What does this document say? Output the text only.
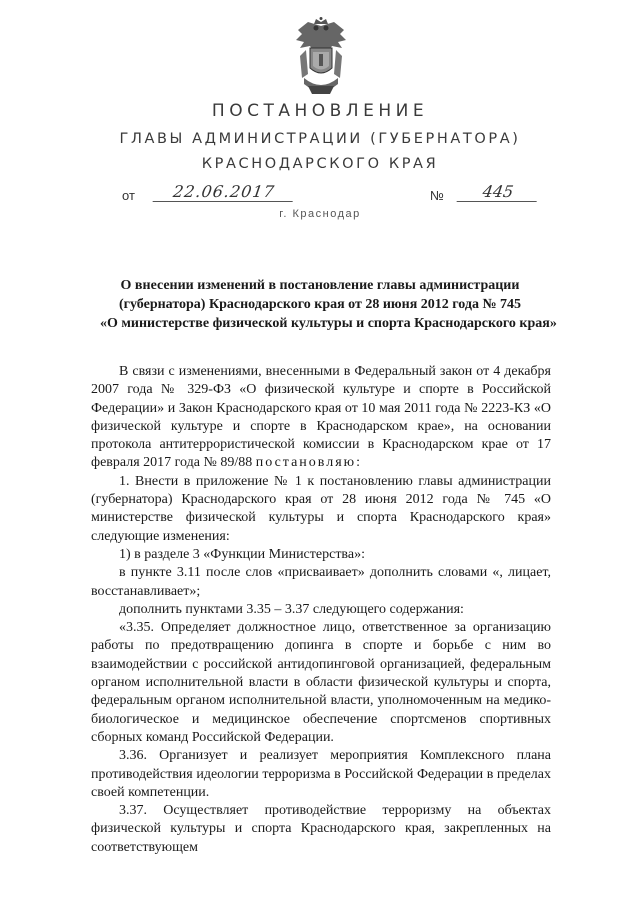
ПОСТАНОВЛЕНИЕ
ГЛАВЫ АДМИНИСТРАЦИИ (ГУБЕРНАТОРА)
КРАСНОДАРСКОГО КРАЯ
от	22.06.2017	№	445
г. Краснодар
О внесении изменений в постановление главы администрации
(губернатора) Краснодарского края от 28 июня 2012 года № 745
«О министерстве физической культуры и спорта Краснодарского края»

В связи с изменениями, внесенными в Федеральный закон от 4 декабря 2007 года № 329-ФЗ «О физической культуре и спорте в Российской Федерации» и Закон Краснодарского края от 10 мая 2011 года № 2223-КЗ «О физической культуре и спорте в Краснодарском крае», на основании протокола антитеррористической комиссии в Краснодарском крае от 17 февраля 2017 года № 89/88 постановляю:

1. Внести в приложение № 1 к постановлению главы администрации (губернатора) Краснодарского края от 28 июня 2012 года № 745 «О министерстве физической культуры и спорта Краснодарского края» следующие изменения:

1) в разделе 3 «Функции Министерства»:

в пункте 3.11 после слов «присваивает» дополнить словами «, лицает, восстанавливает»;

дополнить пунктами 3.35 – 3.37 следующего содержания:

«3.35. Определяет должностное лицо, ответственное за организацию работы по предотвращению допинга в спорте и борьбе с ним во взаимодействии с российской антидопинговой организацией, федеральным органом исполнительной власти в области физической культуры и спорта, федеральным органом исполнительной власти, уполномоченным на медико-биологическое и медицинское обеспечение спортсменов спортивных сборных команд Российской Федерации.

3.36. Организует и реализует мероприятия Комплексного плана противодействия идеологии терроризма в Российской Федерации в пределах своей компетенции.

3.37. Осуществляет противодействие терроризму на объектах физической культуры и спорта Краснодарского края, закрепленных на соответствующем
